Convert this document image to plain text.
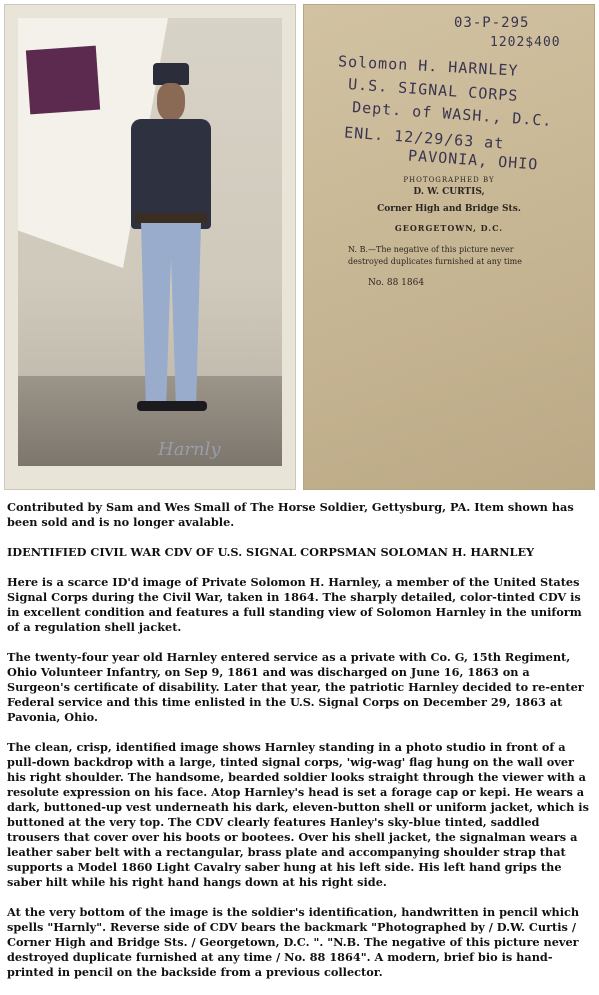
Harnly
03-P-295
1202$400
Solomon H. HARNLEY
U.S. SIGNAL CORPS
Dept. of WASH., D.C.
ENL. 12/29/63 at
PAVONIA, OHIO
PHOTOGRAPHED BY
D. W. CURTIS,
Corner High and Bridge Sts.
GEORGETOWN, D.C.
N. B.—The negative of this picture never
destroyed duplicates furnished at any time
No. 88 1864

Contributed by Sam and Wes Small of The Horse Soldier, Gettysburg, PA. Item shown has been sold and is no longer avalable.

IDENTIFIED CIVIL WAR CDV OF U.S. SIGNAL CORPSMAN SOLOMAN H. HARNLEY

Here is a scarce ID'd image of Private Solomon H. Harnley, a member of the United States Signal Corps during the Civil War, taken in 1864. The sharply detailed, color-tinted CDV is in excellent condition and features a full standing view of Solomon Harnley in the uniform of a regulation shell jacket.

The twenty-four year old Harnley entered service as a private with Co. G, 15th Regiment, Ohio Volunteer Infantry, on Sep 9, 1861 and was discharged on June 16, 1863 on a Surgeon's certificate of disability. Later that year, the patriotic Harnley decided to re-enter Federal service and this time enlisted in the U.S. Signal Corps on December 29, 1863 at Pavonia, Ohio.

The clean, crisp, identified image shows Harnley standing in a photo studio in front of a pull-down backdrop with a large, tinted signal corps, 'wig-wag' flag hung on the wall over his right shoulder. The handsome, bearded soldier looks straight through the viewer with a resolute expression on his face. Atop Harnley's head is set a forage cap or kepi. He wears a dark, buttoned-up vest underneath his dark, eleven-button shell or uniform jacket, which is buttoned at the very top. The CDV clearly features Hanley's sky-blue tinted, saddled trousers that cover over his boots or bootees. Over his shell jacket, the signalman wears a leather saber belt with a rectangular, brass plate and accompanying shoulder strap that supports a Model 1860 Light Cavalry saber hung at his left side. His left hand grips the saber hilt while his right hand hangs down at his right side.

At the very bottom of the image is the soldier's identification, handwritten in pencil which spells "Harnly". Reverse side of CDV bears the backmark "Photographed by / D.W. Curtis / Corner High and Bridge Sts. / Georgetown, D.C. ". "N.B. The negative of this picture never destroyed duplicate furnished at any time / No. 88 1864". A modern, brief bio is hand-printed in pencil on the backside from a previous collector.
